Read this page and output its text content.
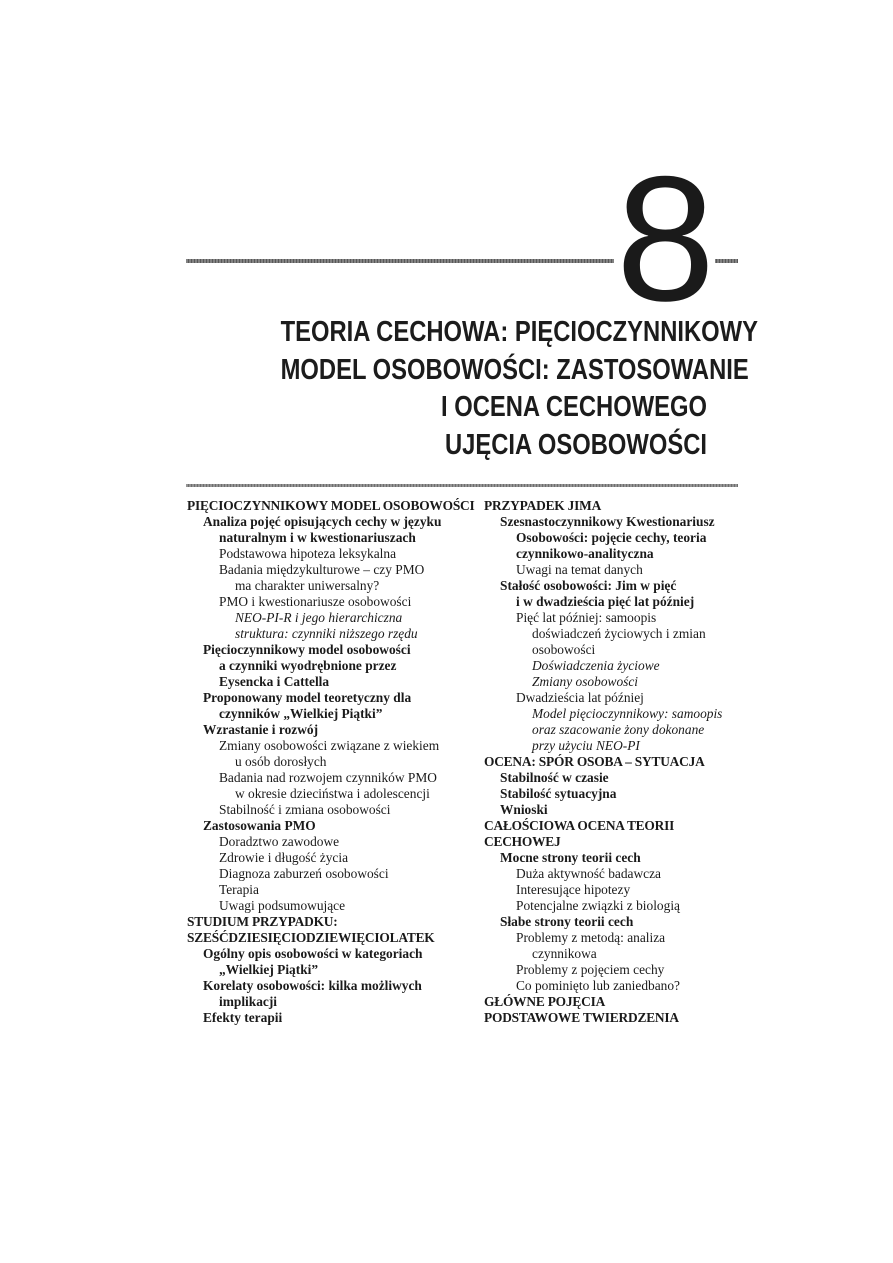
8
TEORIA CECHOWA: PIĘCIOCZYNNIKOWY
MODEL OSOBOWOŚCI: ZASTOSOWANIE
I OCENA CECHOWEGO
UJĘCIA OSOBOWOŚCI
PIĘCIOCZYNNIKOWY MODEL OSOBOWOŚCI
Analiza pojęć opisujących cechy w języku
naturalnym i w kwestionariuszach
Podstawowa hipoteza leksykalna
Badania międzykulturowe – czy PMO
ma charakter uniwersalny?
PMO i kwestionariusze osobowości
NEO-PI-R i jego hierarchiczna
struktura: czynniki niższego rzędu
Pięcioczynnikowy model osobowości
a czynniki wyodrębnione przez
Eysencka i Cattella
Proponowany model teoretyczny dla
czynników „Wielkiej Piątki”
Wzrastanie i rozwój
Zmiany osobowości związane z wiekiem
u osób dorosłych
Badania nad rozwojem czynników PMO
w okresie dzieciństwa i adolescencji
Stabilność i zmiana osobowości
Zastosowania PMO
Doradztwo zawodowe
Zdrowie i długość życia
Diagnoza zaburzeń osobowości
Terapia
Uwagi podsumowujące
STUDIUM PRZYPADKU:
SZEŚĆDZIESIĘCIODZIEWIĘCIOLATEK
Ogólny opis osobowości w kategoriach
„Wielkiej Piątki”
Korelaty osobowości: kilka możliwych
implikacji
Efekty terapii
PRZYPADEK JIMA
Szesnastoczynnikowy Kwestionariusz
Osobowości: pojęcie cechy, teoria
czynnikowo-analityczna
Uwagi na temat danych
Stałość osobowości: Jim w pięć
i w dwadzieścia pięć lat później
Pięć lat później: samoopis
doświadczeń życiowych i zmian
osobowości
Doświadczenia życiowe
Zmiany osobowości
Dwadzieścia lat później
Model pięcioczynnikowy: samoopis
oraz szacowanie żony dokonane
przy użyciu NEO-PI
OCENA: SPÓR OSOBA – SYTUACJA
Stabilność w czasie
Stabilość sytuacyjna
Wnioski
CAŁOŚCIOWA OCENA TEORII
CECHOWEJ
Mocne strony teorii cech
Duża aktywność badawcza
Interesujące hipotezy
Potencjalne związki z biologią
Słabe strony teorii cech
Problemy z metodą: analiza
czynnikowa
Problemy z pojęciem cechy
Co pominięto lub zaniedbano?
GŁÓWNE POJĘCIA
PODSTAWOWE TWIERDZENIA
